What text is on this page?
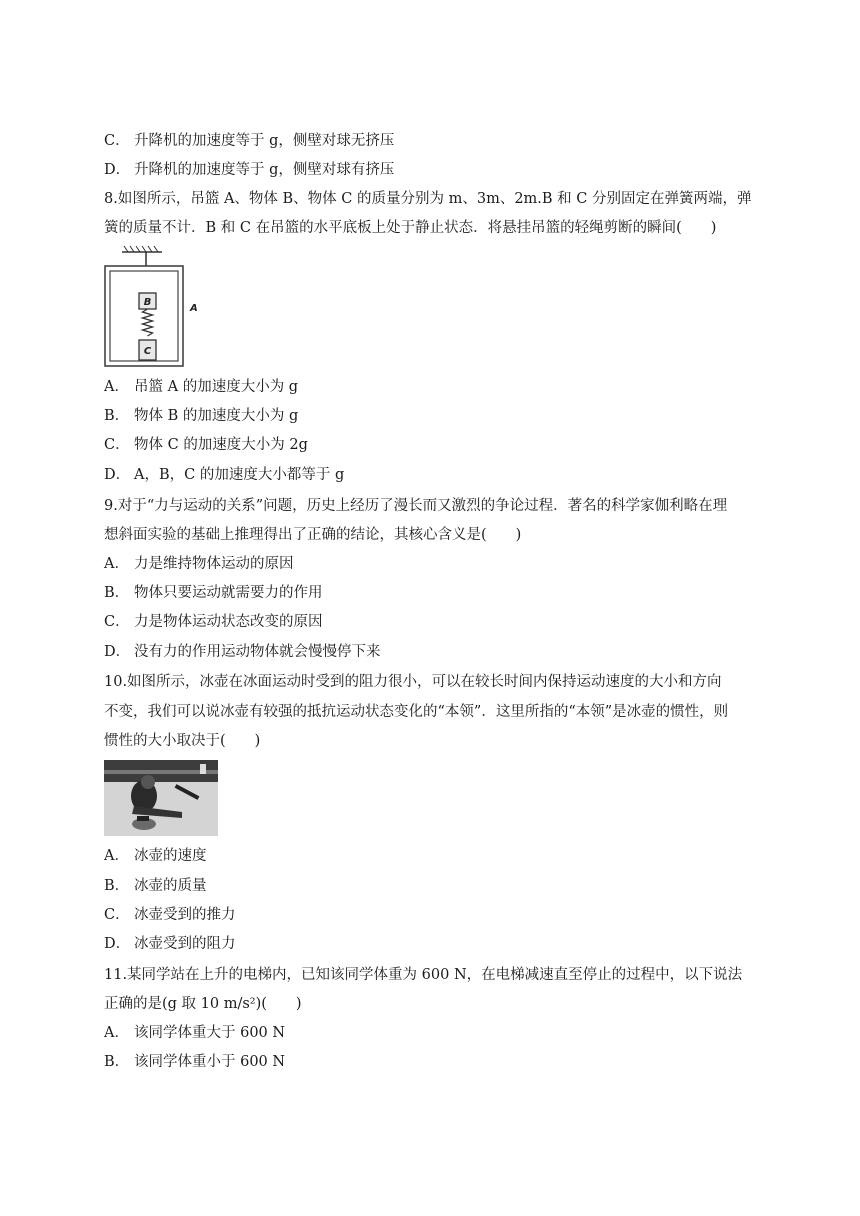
C． 升降机的加速度等于 g，侧壁对球无挤压
D． 升降机的加速度等于 g，侧壁对球有挤压
8.如图所示，吊篮 A、物体 B、物体 C 的质量分别为 m、3m、2m.B 和 C 分别固定在弹簧两端，弹
簧的质量不计．B 和 C 在吊篮的水平底板上处于静止状态．将悬挂吊篮的轻绳剪断的瞬间(　　)
B
C
A
A． 吊篮 A 的加速度大小为 g
B． 物体 B 的加速度大小为 g
C． 物体 C 的加速度大小为 2g
D． A，B，C 的加速度大小都等于 g
9.对于“力与运动的关系”问题，历史上经历了漫长而又激烈的争论过程．著名的科学家伽利略在理
想斜面实验的基础上推理得出了正确的结论，其核心含义是(　　)
A． 力是维持物体运动的原因
B． 物体只要运动就需要力的作用
C． 力是物体运动状态改变的原因
D． 没有力的作用运动物体就会慢慢停下来
10.如图所示，冰壶在冰面运动时受到的阻力很小，可以在较长时间内保持运动速度的大小和方向
不变，我们可以说冰壶有较强的抵抗运动状态变化的“本领”．这里所指的“本领”是冰壶的惯性，则
惯性的大小取决于(　　)
A． 冰壶的速度
B． 冰壶的质量
C． 冰壶受到的推力
D． 冰壶受到的阻力
11.某同学站在上升的电梯内，已知该同学体重为 600 N，在电梯减速直至停止的过程中，以下说法
正确的是(g 取 10 m/s²)(　　)
A． 该同学体重大于 600 N
B． 该同学体重小于 600 N
